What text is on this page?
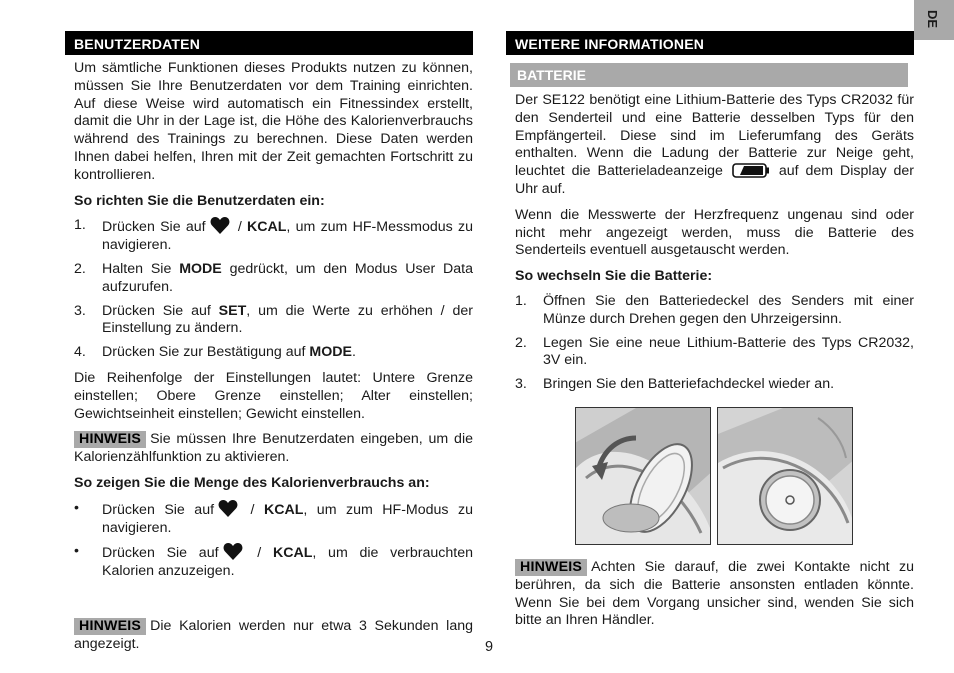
DE
BENUTZERDATEN

Um sämtliche Funktionen dieses Produkts nutzen zu können, müssen Sie Ihre Benutzerdaten vor dem Training einrichten. Auf diese Weise wird automatisch ein Fitnessindex erstellt, damit die Uhr in der Lage ist, die Höhe des Kalorienverbrauchs während des Trainings zu berechnen. Diese Daten werden Ihnen dabei helfen, Ihren mit der Zeit gemachten Fortschritt zu kontrollieren.

So richten Sie die Benutzerdaten ein:

1.	Drücken Sie auf / KCAL, um zum HF-Messmodus zu navigieren.
2.	Halten Sie MODE gedrückt, um den Modus User Data aufzurufen.
3.	Drücken Sie auf SET, um die Werte zu erhöhen / der Einstellung zu ändern.
4.	Drücken Sie zur Bestätigung auf MODE.

Die Reihenfolge der Einstellungen lautet: Untere Grenze einstellen; Obere Grenze einstellen; Alter einstellen; Gewichtseinheit einstellen; Gewicht einstellen.

HINWEIS Sie müssen Ihre Benutzerdaten eingeben, um die Kalorienzählfunktion zu aktivieren.

So zeigen Sie die Menge des Kalorienverbrauchs an:

•	Drücken Sie auf / KCAL, um zum HF-Modus zu navigieren.
•	Drücken Sie auf / KCAL, um die verbrauchten Kalorien anzuzeigen.

HINWEIS Die Kalorien werden nur etwa 3 Sekunden lang angezeigt.

WEITERE INFORMATIONEN
BATTERIE

Der SE122 benötigt eine Lithium-Batterie des Typs CR2032 für den Senderteil und eine Batterie desselben Typs für den Empfängerteil. Diese sind im Lieferumfang des Geräts enthalten. Wenn die Ladung der Batterie zur Neige geht, leuchtet die Batterieladeanzeige	auf dem Display der Uhr auf.

Wenn die Messwerte der Herzfrequenz ungenau sind oder nicht mehr angezeigt werden, muss die Batterie des Senderteils eventuell ausgetauscht werden.

So wechseln Sie die Batterie:

1.	Öffnen Sie den Batteriedeckel des Senders mit einer Münze durch Drehen gegen den Uhrzeigersinn.
2.	Legen Sie eine neue Lithium-Batterie des Typs CR2032, 3V ein.
3.	Bringen Sie den Batteriefachdeckel wieder an.

HINWEIS Achten Sie darauf, die zwei Kontakte nicht zu berühren, da sich die Batterie ansonsten entladen könnte. Wenn Sie bei dem Vorgang unsicher sind, wenden Sie sich bitte an Ihren Händler.

9
